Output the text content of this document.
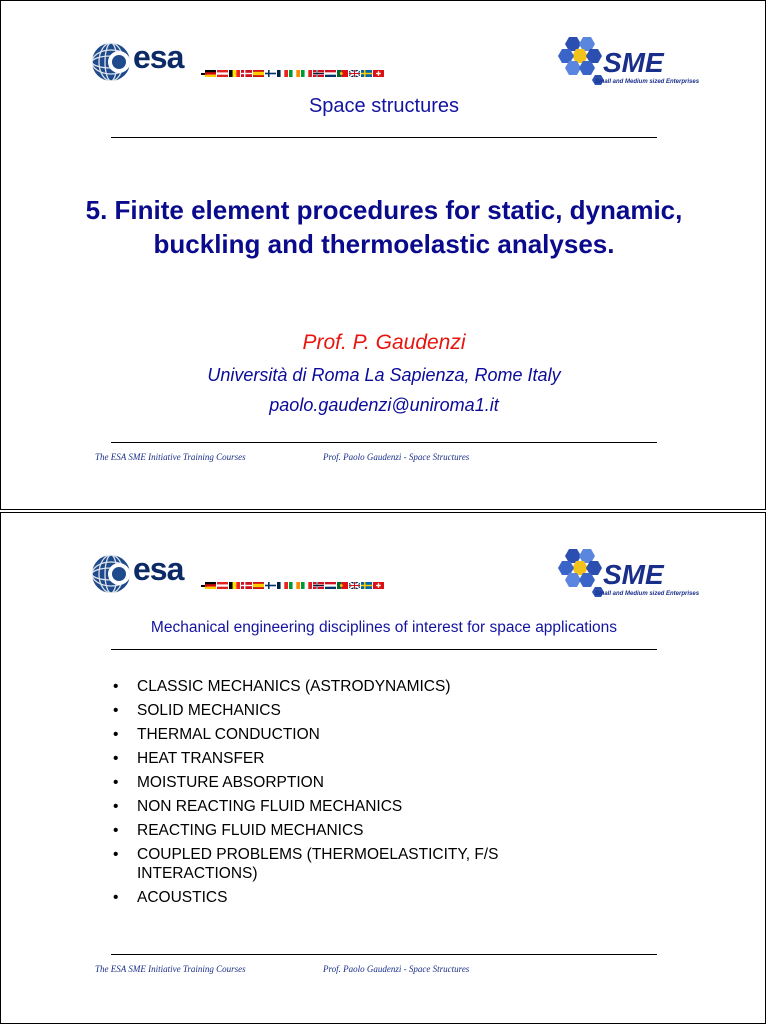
esa	SME
Small and Medium sized Enterprises
Space structures
5. Finite element procedures for static, dynamic, buckling and thermoelastic analyses.
Prof. P. Gaudenzi
Università di Roma La Sapienza, Rome Italy
paolo.gaudenzi@uniroma1.it
The ESA SME Initiative Training Courses	Prof. Paolo Gaudenzi - Space Structures
esa	SME
Small and Medium sized Enterprises
Mechanical engineering disciplines of interest for space applications
• CLASSIC MECHANICS (ASTRODYNAMICS)
• SOLID MECHANICS
• THERMAL CONDUCTION
• HEAT TRANSFER
• MOISTURE ABSORPTION
• NON REACTING FLUID MECHANICS
• REACTING FLUID MECHANICS
• COUPLED PROBLEMS (THERMOELASTICITY, F/S INTERACTIONS)
• ACOUSTICS
The ESA SME Initiative Training Courses	Prof. Paolo Gaudenzi - Space Structures
